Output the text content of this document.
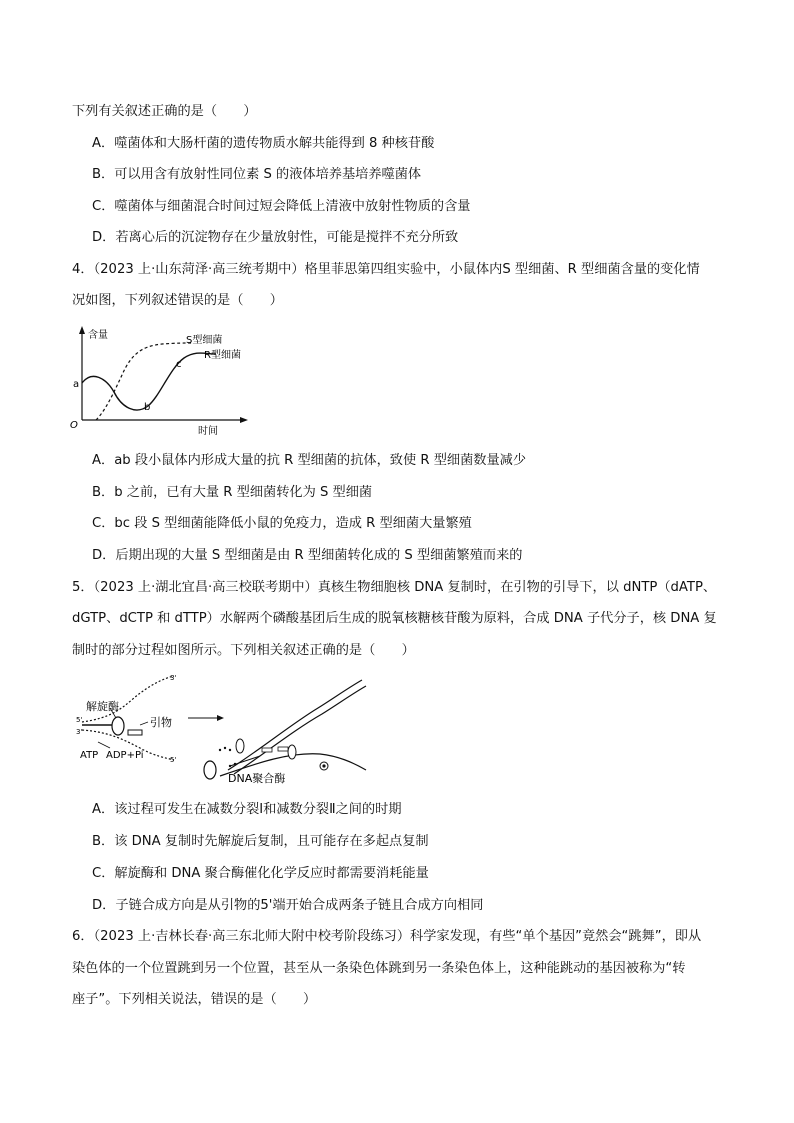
下列有关叙述正确的是（　　）
A．噬菌体和大肠杆菌的遗传物质水解共能得到 8 种核苷酸
B．可以用含有放射性同位素 S 的液体培养基培养噬菌体
C．噬菌体与细菌混合时间过短会降低上清液中放射性物质的含量
D．若离心后的沉淀物存在少量放射性，可能是搅拌不充分所致
4．（2023 上·山东菏泽·高三统考期中）格里菲思第四组实验中，小鼠体内S 型细菌、R 型细菌含量的变化情
况如图，下列叙述错误的是（　　）
含量
时间
O
a
b
c
S型细菌
R型细菌
A．ab 段小鼠体内形成大量的抗 R 型细菌的抗体，致使 R 型细菌数量减少
B．b 之前，已有大量 R 型细菌转化为 S 型细菌
C．bc 段 S 型细菌能降低小鼠的免疫力，造成 R 型细菌大量繁殖
D．后期出现的大量 S 型细菌是由 R 型细菌转化成的 S 型细菌繁殖而来的
5．（2023 上·湖北宜昌·高三校联考期中）真核生物细胞核 DNA 复制时，在引物的引导下，以 dNTP（dATP、
dGTP、dCTP 和 dTTP）水解两个磷酸基团后生成的脱氧核糖核苷酸为原料，合成 DNA 子代分子，核 DNA 复
制时的部分过程如图所示。下列相关叙述正确的是（　　）
解旋酶
引物
ATP ADP+Pi
3'
5'
3'
5'
DNA聚合酶
A．该过程可发生在减数分裂Ⅰ和减数分裂Ⅱ之间的时期
B．该 DNA 复制时先解旋后复制，且可能存在多起点复制
C．解旋酶和 DNA 聚合酶催化化学反应时都需要消耗能量
D．子链合成方向是从引物的5'端开始合成两条子链且合成方向相同
6．（2023 上·吉林长春·高三东北师大附中校考阶段练习）科学家发现，有些“单个基因”竟然会“跳舞”，即从
染色体的一个位置跳到另一个位置，甚至从一条染色体跳到另一条染色体上，这种能跳动的基因被称为“转
座子”。下列相关说法，错误的是（　　）
